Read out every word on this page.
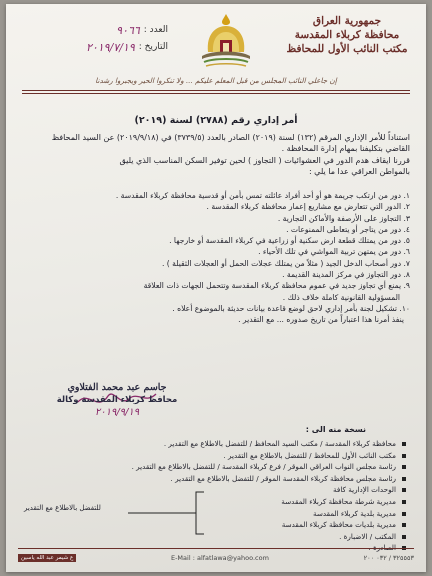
جمهورية العراق
محافظة كربلاء المقدسة
مكتب النائب الأول للمحافظ
العدد :
٩٠٦٦
التاريخ :
٢٠١٩/٧/١٩
إن جاعلي النائب المجلس من قبل المعلم عليكم ... ولا تنكروا الحير ويجبروا رشدنا
أمر إداري رقم (٢٧٨٨) لسنة (٢٠١٩)
استناداً للأمر الإداري المرقم (١٣٢) لسنة (٢٠١٩) الصادر بالعدد (٣٧٣٩/٥) في (٢٠١٩/٩/١٨) عن السيد المحافظ
القاضي بتكليفنا بمهام إدارة المحافظة .
قررنا ايقاف هدم الدور في العشوائيات ( التجاوز ) لحين توفير السكن المناسب الذي يليق
بالمواطن العراقي عدا ما يلي :
١. دور من ارتكب جريمة هو أو أحد أفراد عائلته تمس بأمن أو قدسية محافظة كربلاء المقدسة .
٢. الدور التي تتعارض مع مشاريع إعمار محافظة كربلاء المقدسة .
٣. التجاوز على الأرصفة والأماكن التجارية .
٤. دور من يتاجر أو يتعاطى الممنوعات .
٥. دور من يمتلك قطعة ارض سكنية أو زراعية في كربلاء المقدسة أو خارجها .
٦. دور من يمتهن تربية المواشي في تلك الأحياء .
٧. دور أصحاب الدخل الجيد ( مثلاً من يمتلك عجلات الحمل أو العجلات الثقيلة ) .
٨. دور التجاوز في مركز المدينة القديمة .
٩. يمنع أي تجاوز جديد في عموم محافظة كربلاء المقدسة وتتحمل الجهات ذات العلاقة
المسؤولية القانونية كاملة خلاف ذلك .
١٠. تشكيل لجنة بأمر إداري لاحق لوضع قاعدة بيانات حديثة بالموضوع أعلاه .
ينفذ أمرنا هذا اعتباراً من تاريخ صدوره ... مع التقدير .
جاسم عبد محمد الفتلاوي
محافظ كربلاء المقدسة وكالة
٢٠١٩/٩/١٩
نسخة منه الى :
محافظة كربلاء المقدسة / مكتب السيد المحافظ / للتفضل بالاطلاع مع التقدير .
مكتب النائب الأول للمحافظ / للتفضل بالاطلاع مع التقدير .
رئاسة مجلس النواب العراقي الموقر / فرع كربلاء المقدسة / للتفضل بالاطلاع مع التقدير .
رئاسة مجلس محافظة كربلاء المقدسة الموقر / للتفضل بالاطلاع مع التقدير .
الوحدات الإدارية كافة
مديرية شرطة محافظة كربلاء المقدسة
مديرية بلدية كربلاء المقدسة
مديرية بلديات محافظة كربلاء المقدسة
المكتب / الاضبارة .
الصادرة .
للتفضل بالاطلاع مع التقدير
ع شيمر عبد الله ياسين	E-Mail : alfatlawa@yahoo.com	٣٢٥٥٥٣ / ٠٣٢ ٢٠٠
